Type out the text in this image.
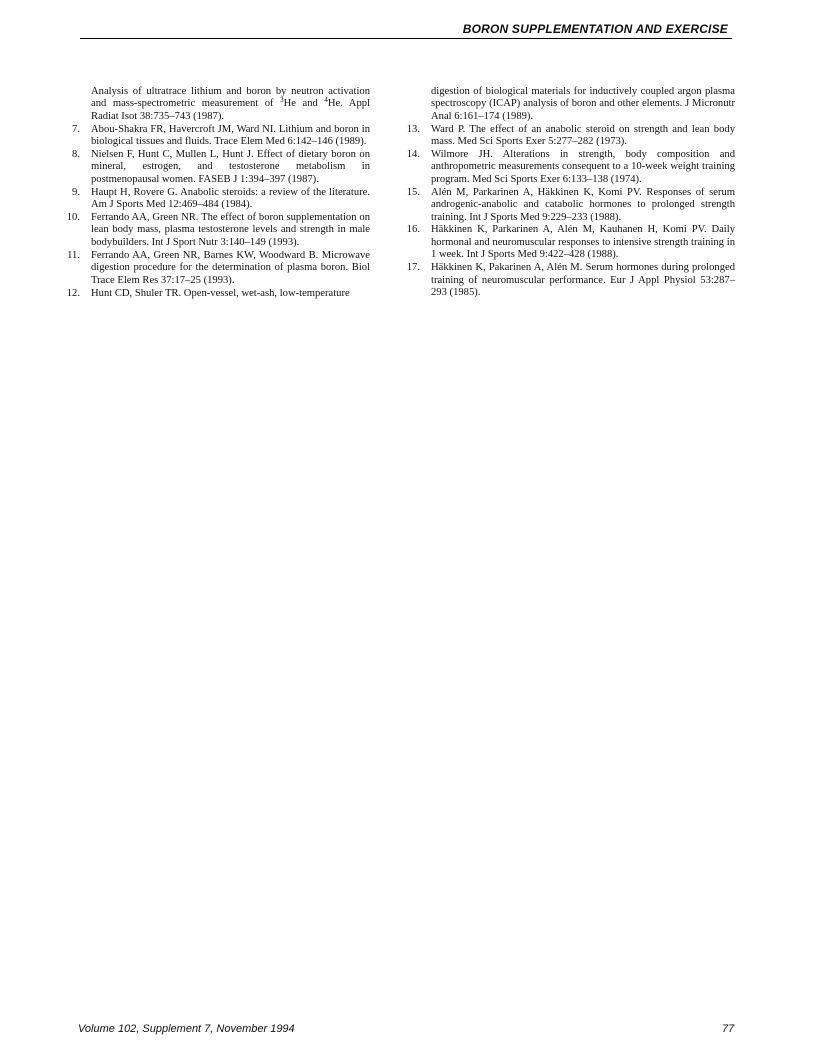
BORON SUPPLEMENTATION AND EXERCISE

Analysis of ultratrace lithium and boron by neutron activation and mass-spectrometric measurement of $^3$He and $^4$He. Appl Radiat Isot 38:735–743 (1987).

7. Abou-Shakra FR, Havercroft JM, Ward NI. Lithium and boron in biological tissues and fluids. Trace Elem Med 6:142–146 (1989).

8. Nielsen F, Hunt C, Mullen L, Hunt J. Effect of dietary boron on mineral, estrogen, and testosterone metabolism in postmenopausal women. FASEB J 1:394–397 (1987).

9. Haupt H, Rovere G. Anabolic steroids: a review of the literature. Am J Sports Med 12:469–484 (1984).

10. Ferrando AA, Green NR. The effect of boron supplementation on lean body mass, plasma testosterone levels and strength in male bodybuilders. Int J Sport Nutr 3:140–149 (1993).

11. Ferrando AA, Green NR, Barnes KW, Woodward B. Microwave digestion procedure for the determination of plasma boron. Biol Trace Elem Res 37:17–25 (1993).

12. Hunt CD, Shuler TR. Open-vessel, wet-ash, low-temperature

digestion of biological materials for inductively coupled argon plasma spectroscopy (ICAP) analysis of boron and other elements. J Micronutr Anal 6:161–174 (1989).

13. Ward P. The effect of an anabolic steroid on strength and lean body mass. Med Sci Sports Exer 5:277–282 (1973).

14. Wilmore JH. Alterations in strength, body composition and anthropometric measurements consequent to a 10-week weight training program. Med Sci Sports Exer 6:133–138 (1974).

15. Alén M, Parkarinen A, Häkkinen K, Komi PV. Responses of serum androgenic-anabolic and catabolic hormones to prolonged strength training. Int J Sports Med 9:229–233 (1988).

16. Häkkinen K, Parkarinen A, Alén M, Kauhanen H, Komi PV. Daily hormonal and neuromuscular responses to intensive strength training in 1 week. Int J Sports Med 9:422–428 (1988).

17. Häkkinen K, Pakarinen A, Alén M. Serum hormones during prolonged training of neuromuscular performance. Eur J Appl Physiol 53:287–293 (1985).

Volume 102, Supplement 7, November 1994	77
